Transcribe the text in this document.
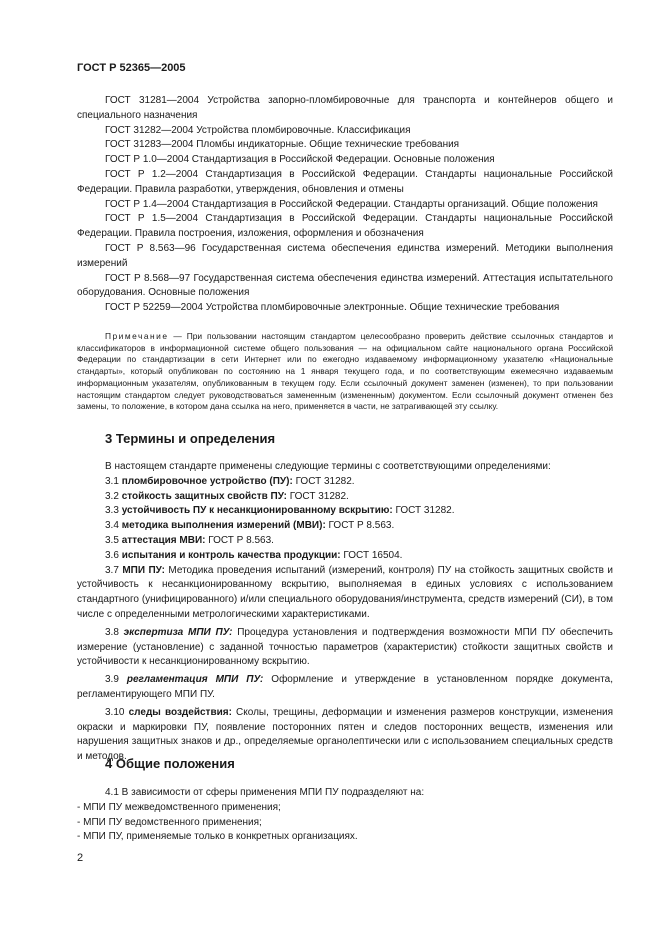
ГОСТ Р 52365—2005

ГОСТ 31281—2004 Устройства запорно-пломбировочные для транспорта и контейнеров общего и специального назначения

ГОСТ 31282—2004 Устройства пломбировочные. Классификация

ГОСТ 31283—2004 Пломбы индикаторные. Общие технические требования

ГОСТ Р 1.0—2004 Стандартизация в Российской Федерации. Основные положения

ГОСТ Р 1.2—2004 Стандартизация в Российской Федерации. Стандарты национальные Российской Федерации. Правила разработки, утверждения, обновления и отмены

ГОСТ Р 1.4—2004 Стандартизация в Российской Федерации. Стандарты организаций. Общие положения

ГОСТ Р 1.5—2004 Стандартизация в Российской Федерации. Стандарты национальные Российской Федерации. Правила построения, изложения, оформления и обозначения

ГОСТ Р 8.563—96 Государственная система обеспечения единства измерений. Методики выполнения измерений

ГОСТ Р 8.568—97 Государственная система обеспечения единства измерений. Аттестация испытательного оборудования. Основные положения

ГОСТ Р 52259—2004 Устройства пломбировочные электронные. Общие технические требования

Примечание — При пользовании настоящим стандартом целесообразно проверить действие ссылочных стандартов и классификаторов в информационной системе общего пользования — на официальном сайте национального органа Российской Федерации по стандартизации в сети Интернет или по ежегодно издаваемому информационному указателю «Национальные стандарты», который опубликован по состоянию на 1 января текущего года, и по соответствующим ежемесячно издаваемым информационным указателям, опубликованным в текущем году. Если ссылочный документ заменен (изменен), то при пользовании настоящим стандартом следует руководствоваться замененным (измененным) документом. Если ссылочный документ отменен без замены, то положение, в котором дана ссылка на него, применяется в части, не затрагивающей эту ссылку.

3 Термины и определения

В настоящем стандарте применены следующие термины с соответствующими определениями:

3.1 пломбировочное устройство (ПУ): ГОСТ 31282.

3.2 стойкость защитных свойств ПУ: ГОСТ 31282.

3.3 устойчивость ПУ к несанкционированному вскрытию: ГОСТ 31282.

3.4 методика выполнения измерений (МВИ): ГОСТ Р 8.563.

3.5 аттестация МВИ: ГОСТ Р 8.563.

3.6 испытания и контроль качества продукции: ГОСТ 16504.

3.7 МПИ ПУ: Методика проведения испытаний (измерений, контроля) ПУ на стойкость защитных свойств и устойчивость к несанкционированному вскрытию, выполняемая в единых условиях с использованием стандартного (унифицированного) и/или специального оборудования/инструмента, средств измерений (СИ), в том числе с определенными метрологическими характеристиками.

3.8 экспертиза МПИ ПУ: Процедура установления и подтверждения возможности МПИ ПУ обеспечить измерение (установление) с заданной точностью параметров (характеристик) стойкости защитных свойств и устойчивости к несанкционированному вскрытию.

3.9 регламентация МПИ ПУ: Оформление и утверждение в установленном порядке документа, регламентирующего МПИ ПУ.

3.10 следы воздействия: Сколы, трещины, деформации и изменения размеров конструкции, изменения окраски и маркировки ПУ, появление посторонних пятен и следов посторонних веществ, изменения или нарушения защитных знаков и др., определяемые органолептически или с использованием специальных средств и методов.

4 Общие положения

4.1 В зависимости от сферы применения МПИ ПУ подразделяют на:

- МПИ ПУ межведомственного применения;

- МПИ ПУ ведомственного применения;

- МПИ ПУ, применяемые только в конкретных организациях.

2
